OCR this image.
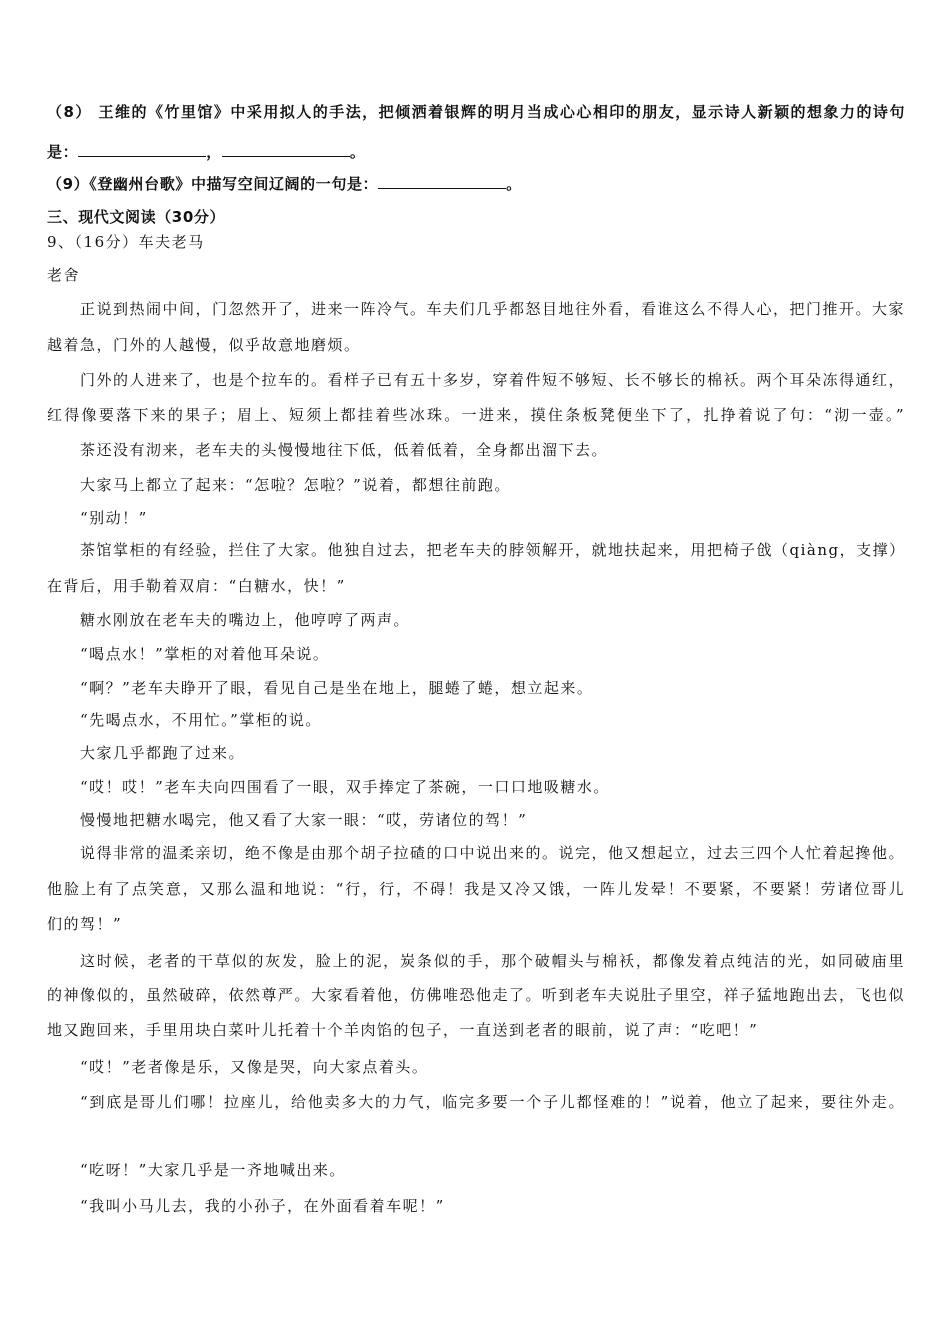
（8） 王维的《竹里馆》中采用拟人的手法，把倾洒着银辉的明月当成心心相印的朋友，显示诗人新颖的想象力的诗句
是：	，	。
（9）《登幽州台歌》中描写空间辽阔的一句是：	。
三、现代文阅读（30分）
9、（16分）车夫老马
老舍
正说到热闹中间，门忽然开了，进来一阵冷气。车夫们几乎都怒目地往外看，看谁这么不得人心，把门推开。大家
越着急，门外的人越慢，似乎故意地磨烦。
门外的人进来了，也是个拉车的。看样子已有五十多岁，穿着件短不够短、长不够长的棉袄。两个耳朵冻得通红，
红得像要落下来的果子；眉上、短须上都挂着些冰珠。一进来，摸住条板凳便坐下了，扎挣着说了句：“沏一壶。”
茶还没有沏来，老车夫的头慢慢地往下低，低着低着，全身都出溜下去。
大家马上都立了起来：“怎啦？怎啦？”说着，都想往前跑。
“别动！”
茶馆掌柜的有经验，拦住了大家。他独自过去，把老车夫的脖领解开，就地扶起来，用把椅子戗（qiàng，支撑）
在背后，用手勒着双肩：“白糖水，快！”
糖水刚放在老车夫的嘴边上，他哼哼了两声。
“喝点水！”掌柜的对着他耳朵说。
“啊？”老车夫睁开了眼，看见自己是坐在地上，腿蜷了蜷，想立起来。
“先喝点水，不用忙。”掌柜的说。
大家几乎都跑了过来。
“哎！哎！”老车夫向四围看了一眼，双手捧定了茶碗，一口口地吸糖水。
慢慢地把糖水喝完，他又看了大家一眼：“哎，劳诸位的驾！”
说得非常的温柔亲切，绝不像是由那个胡子拉碴的口中说出来的。说完，他又想起立，过去三四个人忙着起搀他。
他脸上有了点笑意，又那么温和地说：“行，行，不碍！我是又冷又饿，一阵儿发晕！不要紧，不要紧！劳诸位哥儿
们的驾！”
这时候，老者的干草似的灰发，脸上的泥，炭条似的手，那个破帽头与棉袄，都像发着点纯洁的光，如同破庙里
的神像似的，虽然破碎，依然尊严。大家看着他，仿佛唯恐他走了。听到老车夫说肚子里空，祥子猛地跑出去，飞也似
地又跑回来，手里用块白菜叶儿托着十个羊肉馅的包子，一直送到老者的眼前，说了声：“吃吧！”
“哎！”老者像是乐，又像是哭，向大家点着头。
“到底是哥儿们哪！拉座儿，给他卖多大的力气，临完多要一个子儿都怪难的！”说着，他立了起来，要往外走。
“吃呀！”大家几乎是一齐地喊出来。
“我叫小马儿去，我的小孙子，在外面看着车呢！”
